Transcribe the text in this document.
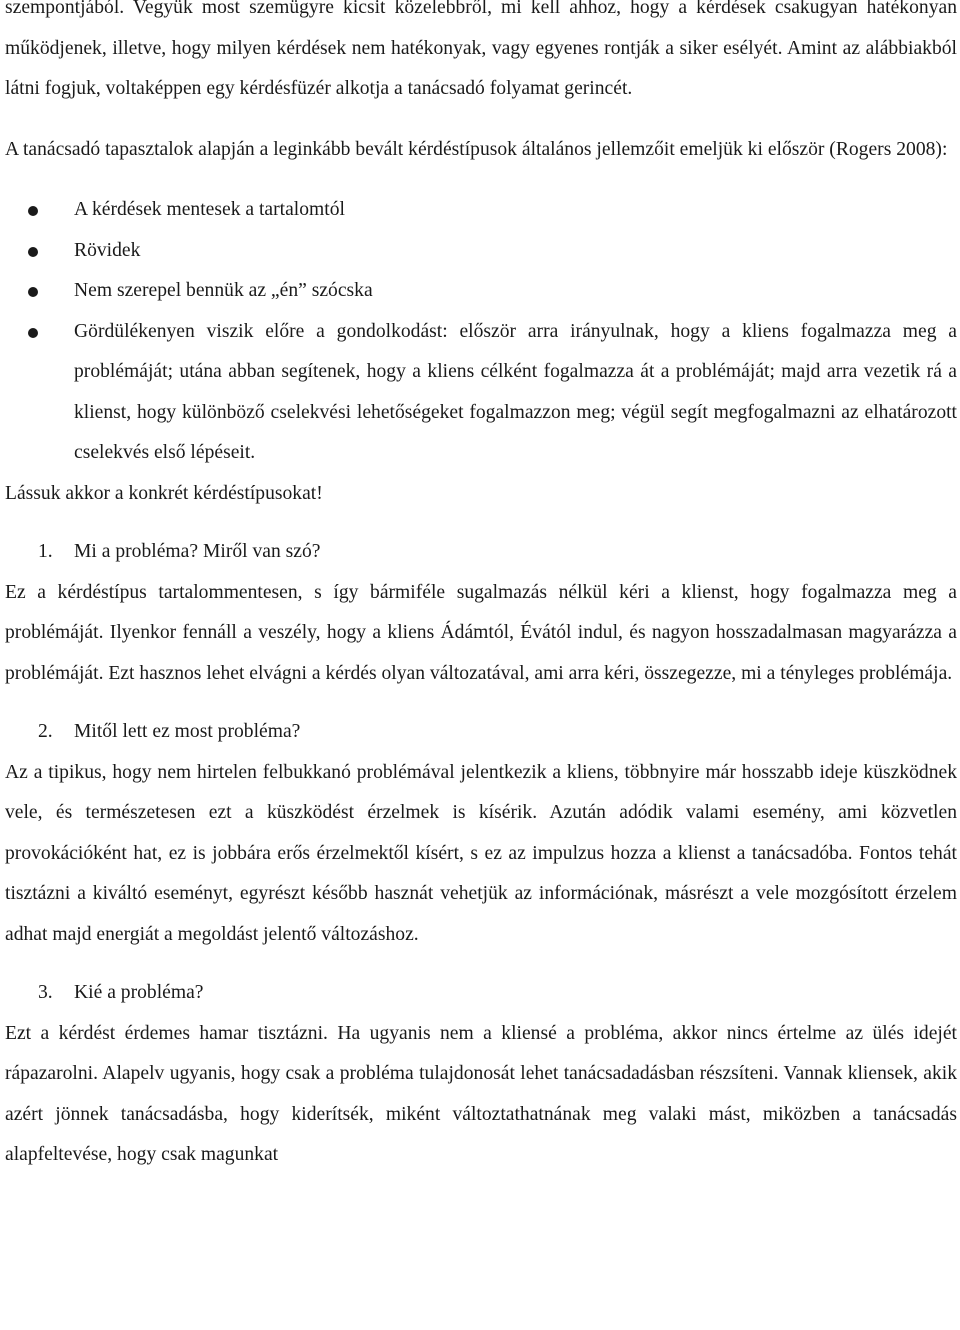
szempontjából. Vegyük most szemügyre kicsit közelebbről, mi kell ahhoz, hogy a kérdések csakugyan hatékonyan működjenek, illetve, hogy milyen kérdések nem hatékonyak, vagy egyenes rontják a siker esélyét. Amint az alábbiakból látni fogjuk, voltaképpen egy kérdésfüzér alkotja a tanácsadó folyamat gerincét.

A tanácsadó tapasztalok alapján a leginkább bevált kérdéstípusok általános jellemzőit emeljük ki először (Rogers 2008):

A kérdések mentesek a tartalomtól
Rövidek
Nem szerepel bennük az „én” szócska
Gördülékenyen viszik előre a gondolkodást: először arra irányulnak, hogy a kliens fogalmazza meg a problémáját; utána abban segítenek, hogy a kliens célként fogalmazza át a problémáját; majd arra vezetik rá a klienst, hogy különböző cselekvési lehetőségeket fogalmazzon meg; végül segít megfogalmazni az elhatározott cselekvés első lépéseit.

Lássuk akkor a konkrét kérdéstípusokat!

1. Mi a probléma? Miről van szó?

Ez a kérdéstípus tartalommentesen, s így bármiféle sugalmazás nélkül kéri a klienst, hogy fogalmazza meg a problémáját. Ilyenkor fennáll a veszély, hogy a kliens Ádámtól, Évától indul, és nagyon hosszadalmasan magyarázza a problémáját. Ezt hasznos lehet elvágni a kérdés olyan változatával, ami arra kéri, összegezze, mi a tényleges problémája.

2. Mitől lett ez most probléma?

Az a tipikus, hogy nem hirtelen felbukkanó problémával jelentkezik a kliens, többnyire már hosszabb ideje küszködnek vele, és természetesen ezt a küszködést érzelmek is kísérik. Azután adódik valami esemény, ami közvetlen provokációként hat, ez is jobbára erős érzelmektől kísért, s ez az impulzus hozza a klienst a tanácsadóba. Fontos tehát tisztázni a kiváltó eseményt, egyrészt később hasznát vehetjük az információnak, másrészt a vele mozgósított érzelem adhat majd energiát a megoldást jelentő változáshoz.

3. Kié a probléma?

Ezt a kérdést érdemes hamar tisztázni. Ha ugyanis nem a kliensé a probléma, akkor nincs értelme az ülés idejét rápazarolni. Alapelv ugyanis, hogy csak a probléma tulajdonosát lehet tanácsadadásban részsíteni. Vannak kliensek, akik azért jönnek tanácsadásba, hogy kiderítsék, miként változtathatnának meg valaki mást, miközben a tanácsadás alapfeltevése, hogy csak magunkat
